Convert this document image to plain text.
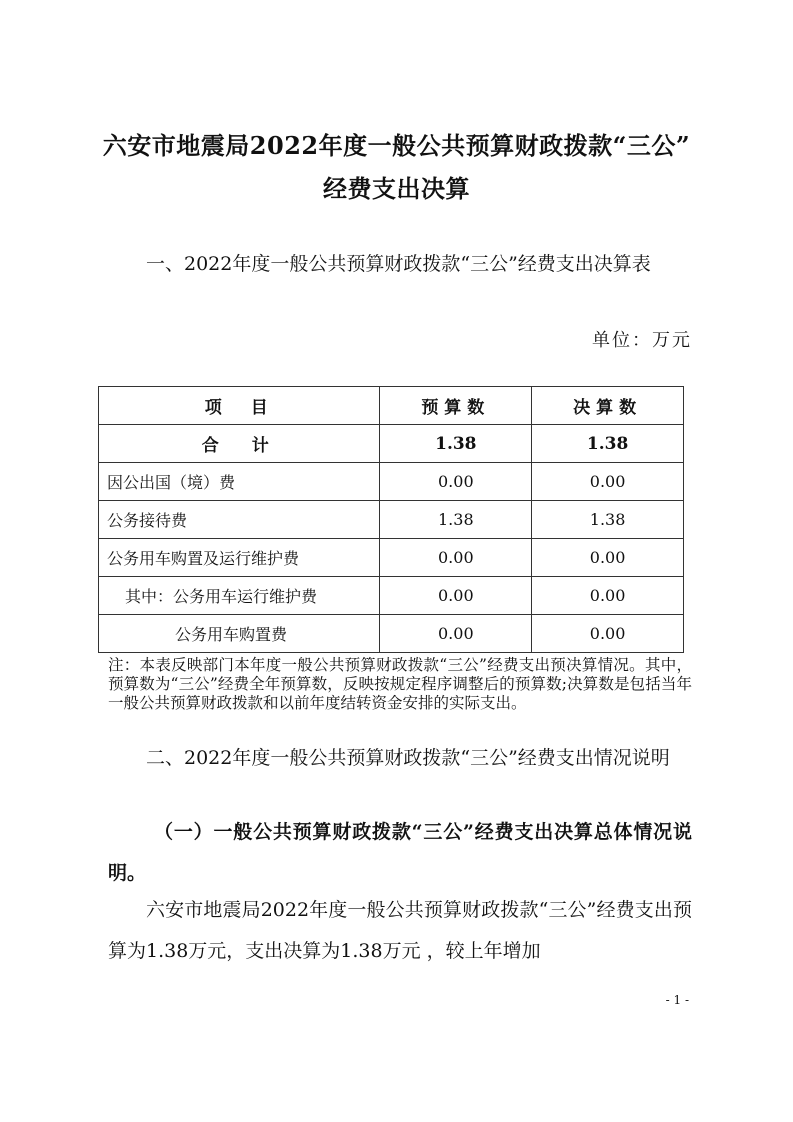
六安市地震局2022年度一般公共预算财政拨款“三公”
经费支出决算
一、2022年度一般公共预算财政拨款“三公”经费支出决算表
单位：万元
项　目	预算数	决算数
合　计	1.38	1.38
因公出国（境）费	0.00	0.00
公务接待费	1.38	1.38
公务用车购置及运行维护费	0.00	0.00
其中：公务用车运行维护费	0.00	0.00
公务用车购置费	0.00	0.00
注：本表反映部门本年度一般公共预算财政拨款“三公”经费支出预决算情况。其中，预算数为“三公”经费全年预算数，反映按规定程序调整后的预算数;决算数是包括当年一般公共预算财政拨款和以前年度结转资金安排的实际支出。
二、2022年度一般公共预算财政拨款“三公”经费支出情况说明
（一）一般公共预算财政拨款“三公”经费支出决算总体情况说明。
六安市地震局2022年度一般公共预算财政拨款“三公”经费支出预算为1.38万元，支出决算为1.38万元 ，较上年增加
- 1 -
